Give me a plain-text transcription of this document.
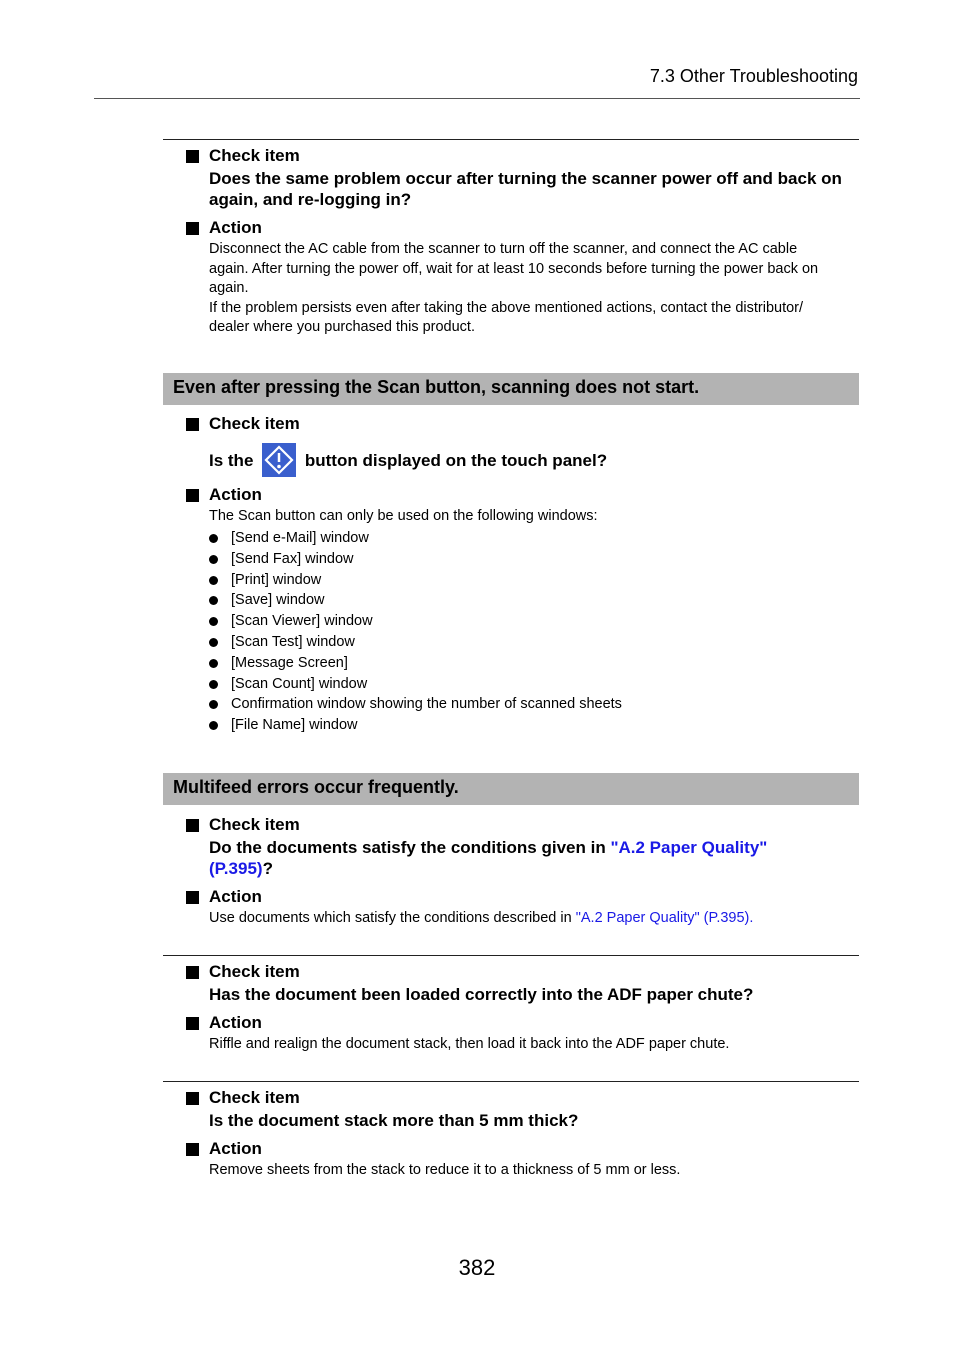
7.3 Other Troubleshooting
Check item
Does the same problem occur after turning the scanner power off and back on again, and re-logging in?
Action
Disconnect the AC cable from the scanner to turn off the scanner, and connect the AC cable
again. After turning the power off, wait for at least 10 seconds before turning the power back on
again.
If the problem persists even after taking the above mentioned actions, contact the distributor/
dealer where you purchased this product.
Even after pressing the Scan button, scanning does not start.
Check item
Is the	button displayed on the touch panel?
Action
The Scan button can only be used on the following windows:
[Send e-Mail] window
[Send Fax] window
[Print] window
[Save] window
[Scan Viewer] window
[Scan Test] window
[Message Screen]
[Scan Count] window
Confirmation window showing the number of scanned sheets
[File Name] window
Multifeed errors occur frequently.
Check item
Do the documents satisfy the conditions given in "A.2 Paper Quality" (P.395)?
Action
Use documents which satisfy the conditions described in "A.2 Paper Quality" (P.395).
Check item
Has the document been loaded correctly into the ADF paper chute?
Action
Riffle and realign the document stack, then load it back into the ADF paper chute.
Check item
Is the document stack more than 5 mm thick?
Action
Remove sheets from the stack to reduce it to a thickness of 5 mm or less.
382
